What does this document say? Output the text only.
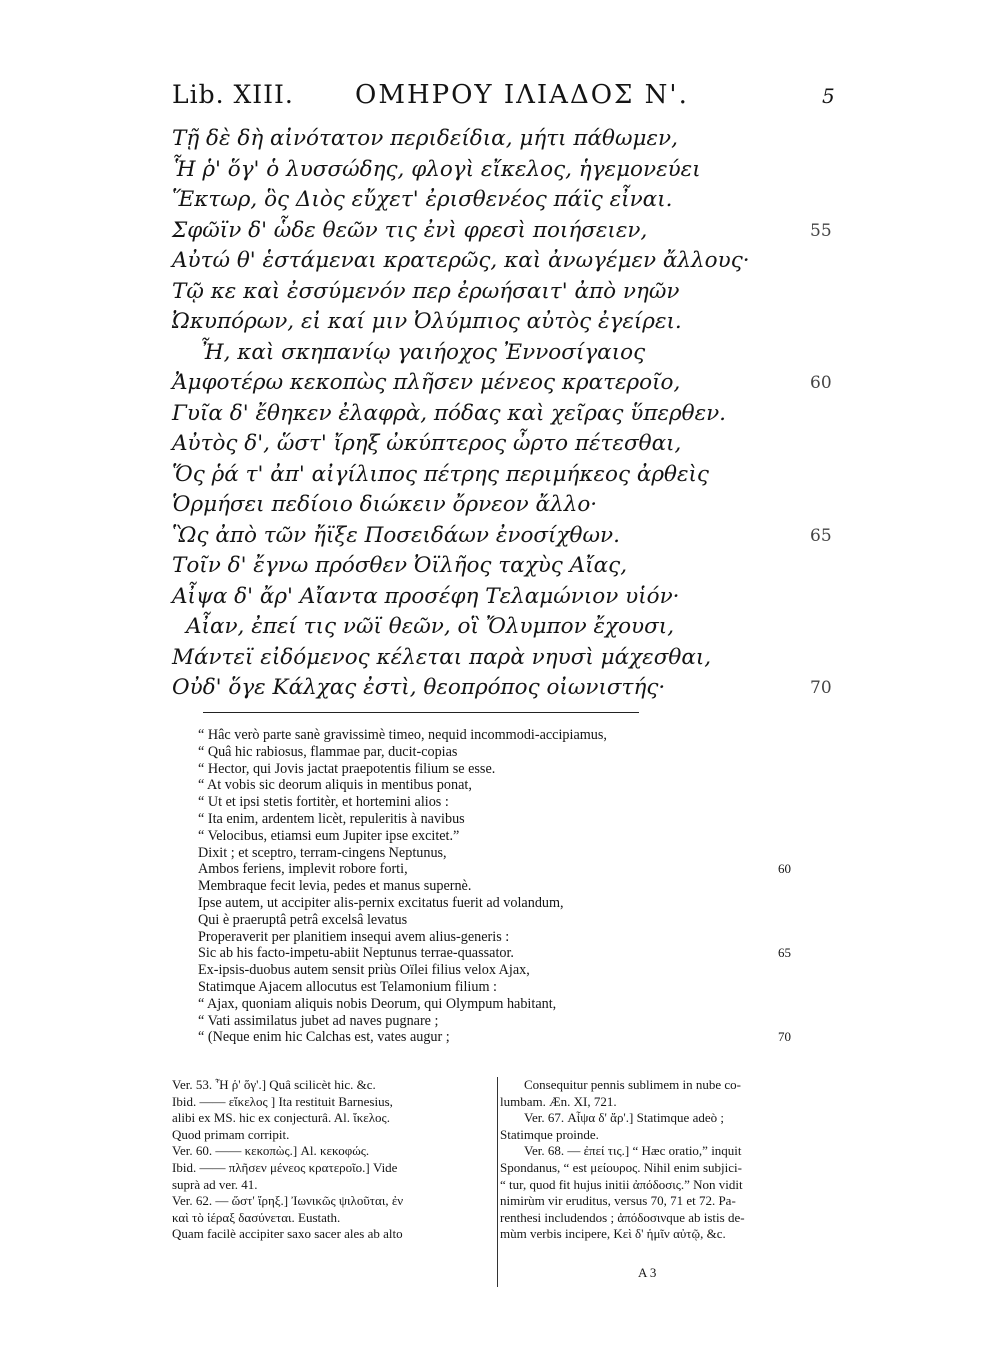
Lib. XIII. ΟΜΗΡΟΥ ΙΛΙΑΔΟΣ Ν'.	5
Τῇ δὲ δὴ αἰνότατον περιδείδια, μήτι πάθωμεν,
Ἧ ῥ' ὅγ' ὁ λυσσώδης, φλογὶ εἴκελος, ἡγεμονεύει
Ἕκτωρ, ὃς Διὸς εὔχετ' ἐρισθενέος πάϊς εἶναι.
Σφῶϊν δ' ὧδε θεῶν τις ἐνὶ φρεσὶ ποιήσειεν,	55
Αὐτώ θ' ἑστάμεναι κρατερῶς, καὶ ἀνωγέμεν ἄλλους·
Τῷ κε καὶ ἐσσύμενόν περ ἐρωήσαιτ' ἀπὸ νηῶν
Ὠκυπόρων, εἰ καί μιν Ὀλύμπιος αὐτὸς ἐγείρει.
Ἦ, καὶ σκηπανίῳ γαιήοχος Ἐννοσίγαιος
Ἀμφοτέρω κεκοπὼς πλῆσεν μένεος κρατεροῖο,	60
Γυῖα δ' ἔθηκεν ἐλαφρὰ, πόδας καὶ χεῖρας ὕπερθεν.
Αὐτὸς δ', ὥστ' ἴρηξ ὠκύπτερος ὦρτο πέτεσθαι,
Ὅς ῥά τ' ἀπ' αἰγίλιπος πέτρης περιμήκεος ἀρθεὶς
Ὁρμήσει πεδίοιο διώκειν ὄρνεον ἄλλο·
Ὣς ἀπὸ τῶν ἤϊξε Ποσειδάων ἐνοσίχθων.	65
Τοῖν δ' ἔγνω πρόσθεν Ὀϊλῆος ταχὺς Αἴας,
Αἶψα δ' ἄρ' Αἴαντα προσέφη Τελαμώνιον υἱόν·
Αἶαν, ἐπεί τις νῶϊ θεῶν, οἳ Ὄλυμπον ἔχουσι,
Μάντεϊ εἰδόμενος κέλεται παρὰ νηυσὶ μάχεσθαι,
Οὐδ' ὅγε Κάλχας ἐστὶ, θεοπρόπος οἰωνιστής·	70
“ Hâc verò parte sanè gravissimè timeo, nequid incommodi-accipiamus,
“ Quâ hic rabiosus, flammae par, ducit-copias
“ Hector, qui Jovis jactat praepotentis filium se esse.
“ At vobis sic deorum aliquis in mentibus ponat,
“ Ut et ipsi stetis fortitèr, et hortemini alios :
“ Ita enim, ardentem licèt, repuleritis à navibus
“ Velocibus, etiamsi eum Jupiter ipse excitet.”
Dixit ; et sceptro, terram-cingens Neptunus,
Ambos feriens, implevit robore forti,	60
Membraque fecit levia, pedes et manus supernè.
Ipse autem, ut accipiter alis-pernix excitatus fuerit ad volandum,
Qui è praeruptâ petrâ excelsâ levatus
Properaverit per planitiem insequi avem alius-generis :
Sic ab his facto-impetu-abiit Neptunus terrae-quassator.	65
Ex-ipsis-duobus autem sensit priùs Oïlei filius velox Ajax,
Statimque Ajacem allocutus est Telamonium filium :
“ Ajax, quoniam aliquis nobis Deorum, qui Olympum habitant,
“ Vati assimilatus jubet ad naves pugnare ;
“ (Neque enim hic Calchas est, vates augur ;	70
Ver. 53. Ἧ ῥ' ὅγ'.] Quâ scilicèt hic. &c.
Ibid. —— εἴκελος ] Ita restituit Barnesius,
alibi ex MS. hic ex conjecturâ. Al. ἴκελος.
Quod primam corripit.
Ver. 60. —— κεκοπὼς.] Al. κεκοφώς.
Ibid. —— πλῆσεν μένεος κρατεροῖο.] Vide
suprà ad ver. 41.
Ver. 62. — ὥστ' ἴρηξ.] Ἰωνικῶς ψιλοῦται, ἐν
καὶ τὸ ἱέραξ δασύνεται. Eustath.
Quam facilè accipiter saxo sacer ales ab alto
Consequitur pennis sublimem in nube co-
lumbam. Æn. XI, 721.
Ver. 67. Αἶψα δ' ἄρ'.] Statimque adeò ;
Statimque proinde.
Ver. 68. — ἐπεί τις.] “ Hæc oratio,” inquit
Spondanus, “ est μείουρος. Nihil enim subjici-
“ tur, quod fit hujus initii ἀπόδοσις.” Non vidit
nimirùm vir eruditus, versus 70, 71 et 72. Pa-
renthesi includendos ; ἀπόδοσινque ab istis de-
mùm verbis incipere, Κεὶ δ' ἡμῖν αὐτῷ, &c.
A 3
